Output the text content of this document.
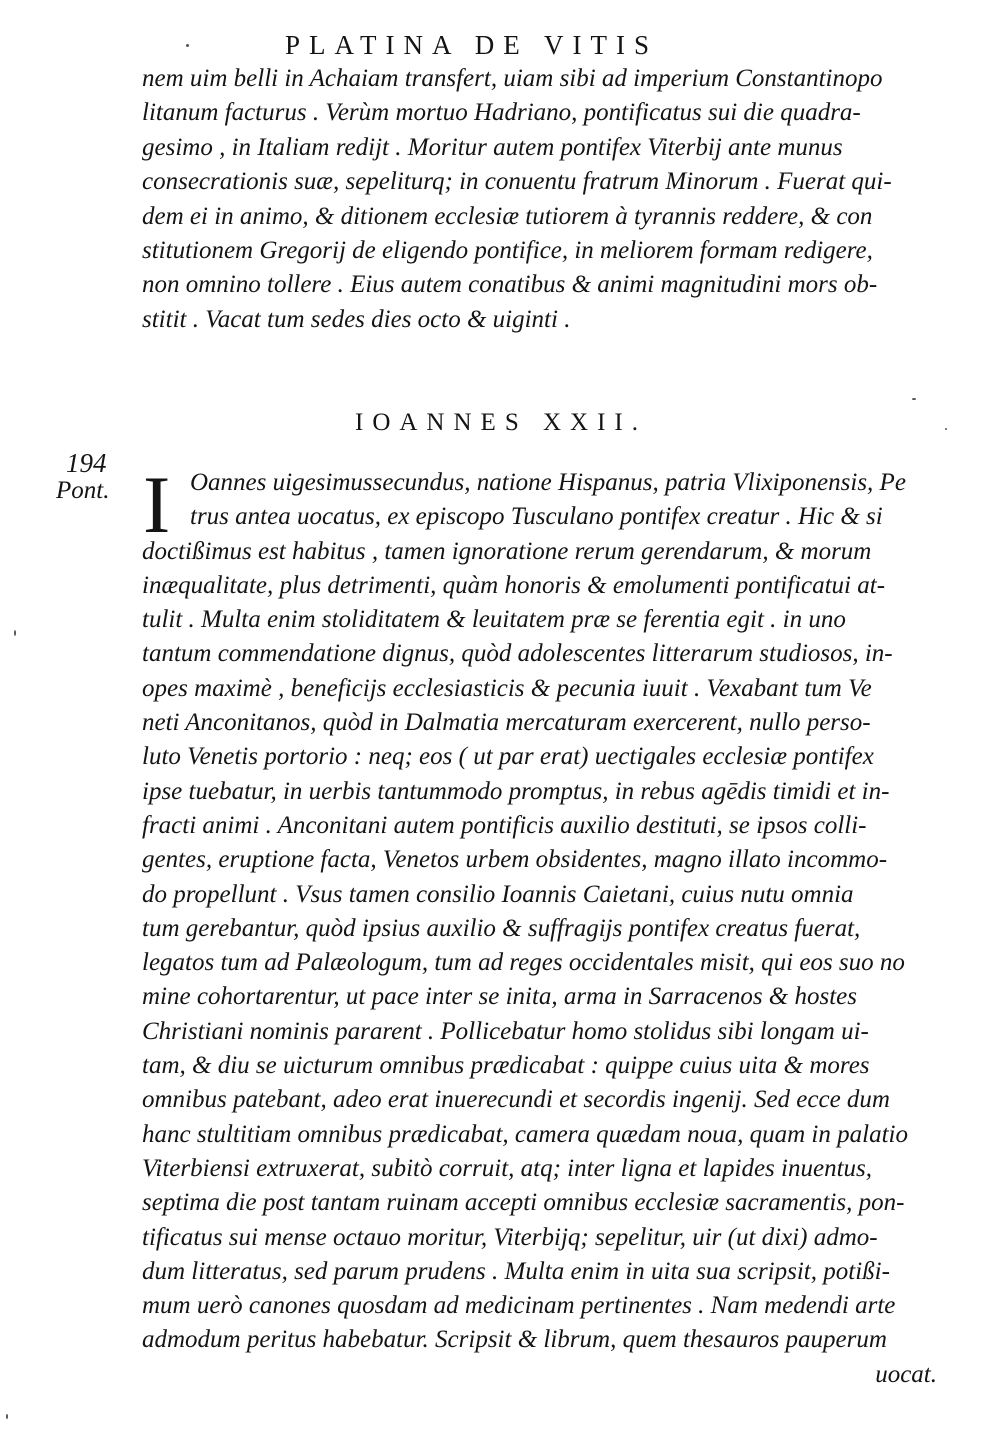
PLATINA DE VITIS
nem uim belli in Achaiam transfert, uiam sibi ad imperium Constantinopo
litanum facturus . Verùm mortuo Hadriano, pontificatus sui die quadra-
gesimo , in Italiam redijt . Moritur autem pontifex Viterbij ante munus
consecrationis suæ, sepeliturq; in conuentu fratrum Minorum . Fuerat qui-
dem ei in animo, & ditionem ecclesiæ tutiorem à tyrannis reddere, & con
stitutionem Gregorij de eligendo pontifice, in meliorem formam redigere,
non omnino tollere . Eius autem conatibus & animi magnitudini mors ob-
stitit . Vacat tum sedes dies octo & uiginti .
IOANNES XXII.
194
Pont. I Oannes uigesimussecundus, natione Hispanus, patria Vlixiponensis, Pe
trus antea uocatus, ex episcopo Tusculano pontifex creatur . Hic & si
doctißimus est habitus , tamen ignoratione rerum gerendarum, & morum
inæqualitate, plus detrimenti, quàm honoris & emolumenti pontificatui at-
tulit . Multa enim stoliditatem & leuitatem præ se ferentia egit . in uno
tantum commendatione dignus, quòd adolescentes litterarum studiosos, in-
opes maximè , beneficijs ecclesiasticis & pecunia iuuit . Vexabant tum Ve
neti Anconitanos, quòd in Dalmatia mercaturam exercerent, nullo perso-
luto Venetis portorio : neq; eos ( ut par erat) uectigales ecclesiæ pontifex
ipse tuebatur, in uerbis tantummodo promptus, in rebus agēdis timidi et in-
fracti animi . Anconitani autem pontificis auxilio destituti, se ipsos colli-
gentes, eruptione facta, Venetos urbem obsidentes, magno illato incommo-
do propellunt . Vsus tamen consilio Ioannis Caietani, cuius nutu omnia
tum gerebantur, quòd ipsius auxilio & suffragijs pontifex creatus fuerat,
legatos tum ad Palæologum, tum ad reges occidentales misit, qui eos suo no
mine cohortarentur, ut pace inter se inita, arma in Sarracenos & hostes
Christiani nominis pararent . Pollicebatur homo stolidus sibi longam ui-
tam, & diu se uicturum omnibus prædicabat : quippe cuius uita & mores
omnibus patebant, adeo erat inuerecundi et secordis ingenij. Sed ecce dum
hanc stultitiam omnibus prædicabat, camera quædam noua, quam in palatio
Viterbiensi extruxerat, subitò corruit, atq; inter ligna et lapides inuentus,
septima die post tantam ruinam accepti omnibus ecclesiæ sacramentis, pon-
tificatus sui mense octauo moritur, Viterbijq; sepelitur, uir (ut dixi) admo-
dum litteratus, sed parum prudens . Multa enim in uita sua scripsit, potißi-
mum uerò canones quosdam ad medicinam pertinentes . Nam medendi arte
admodum peritus habebatur. Scripsit & librum, quem thesauros pauperum
uocat.
